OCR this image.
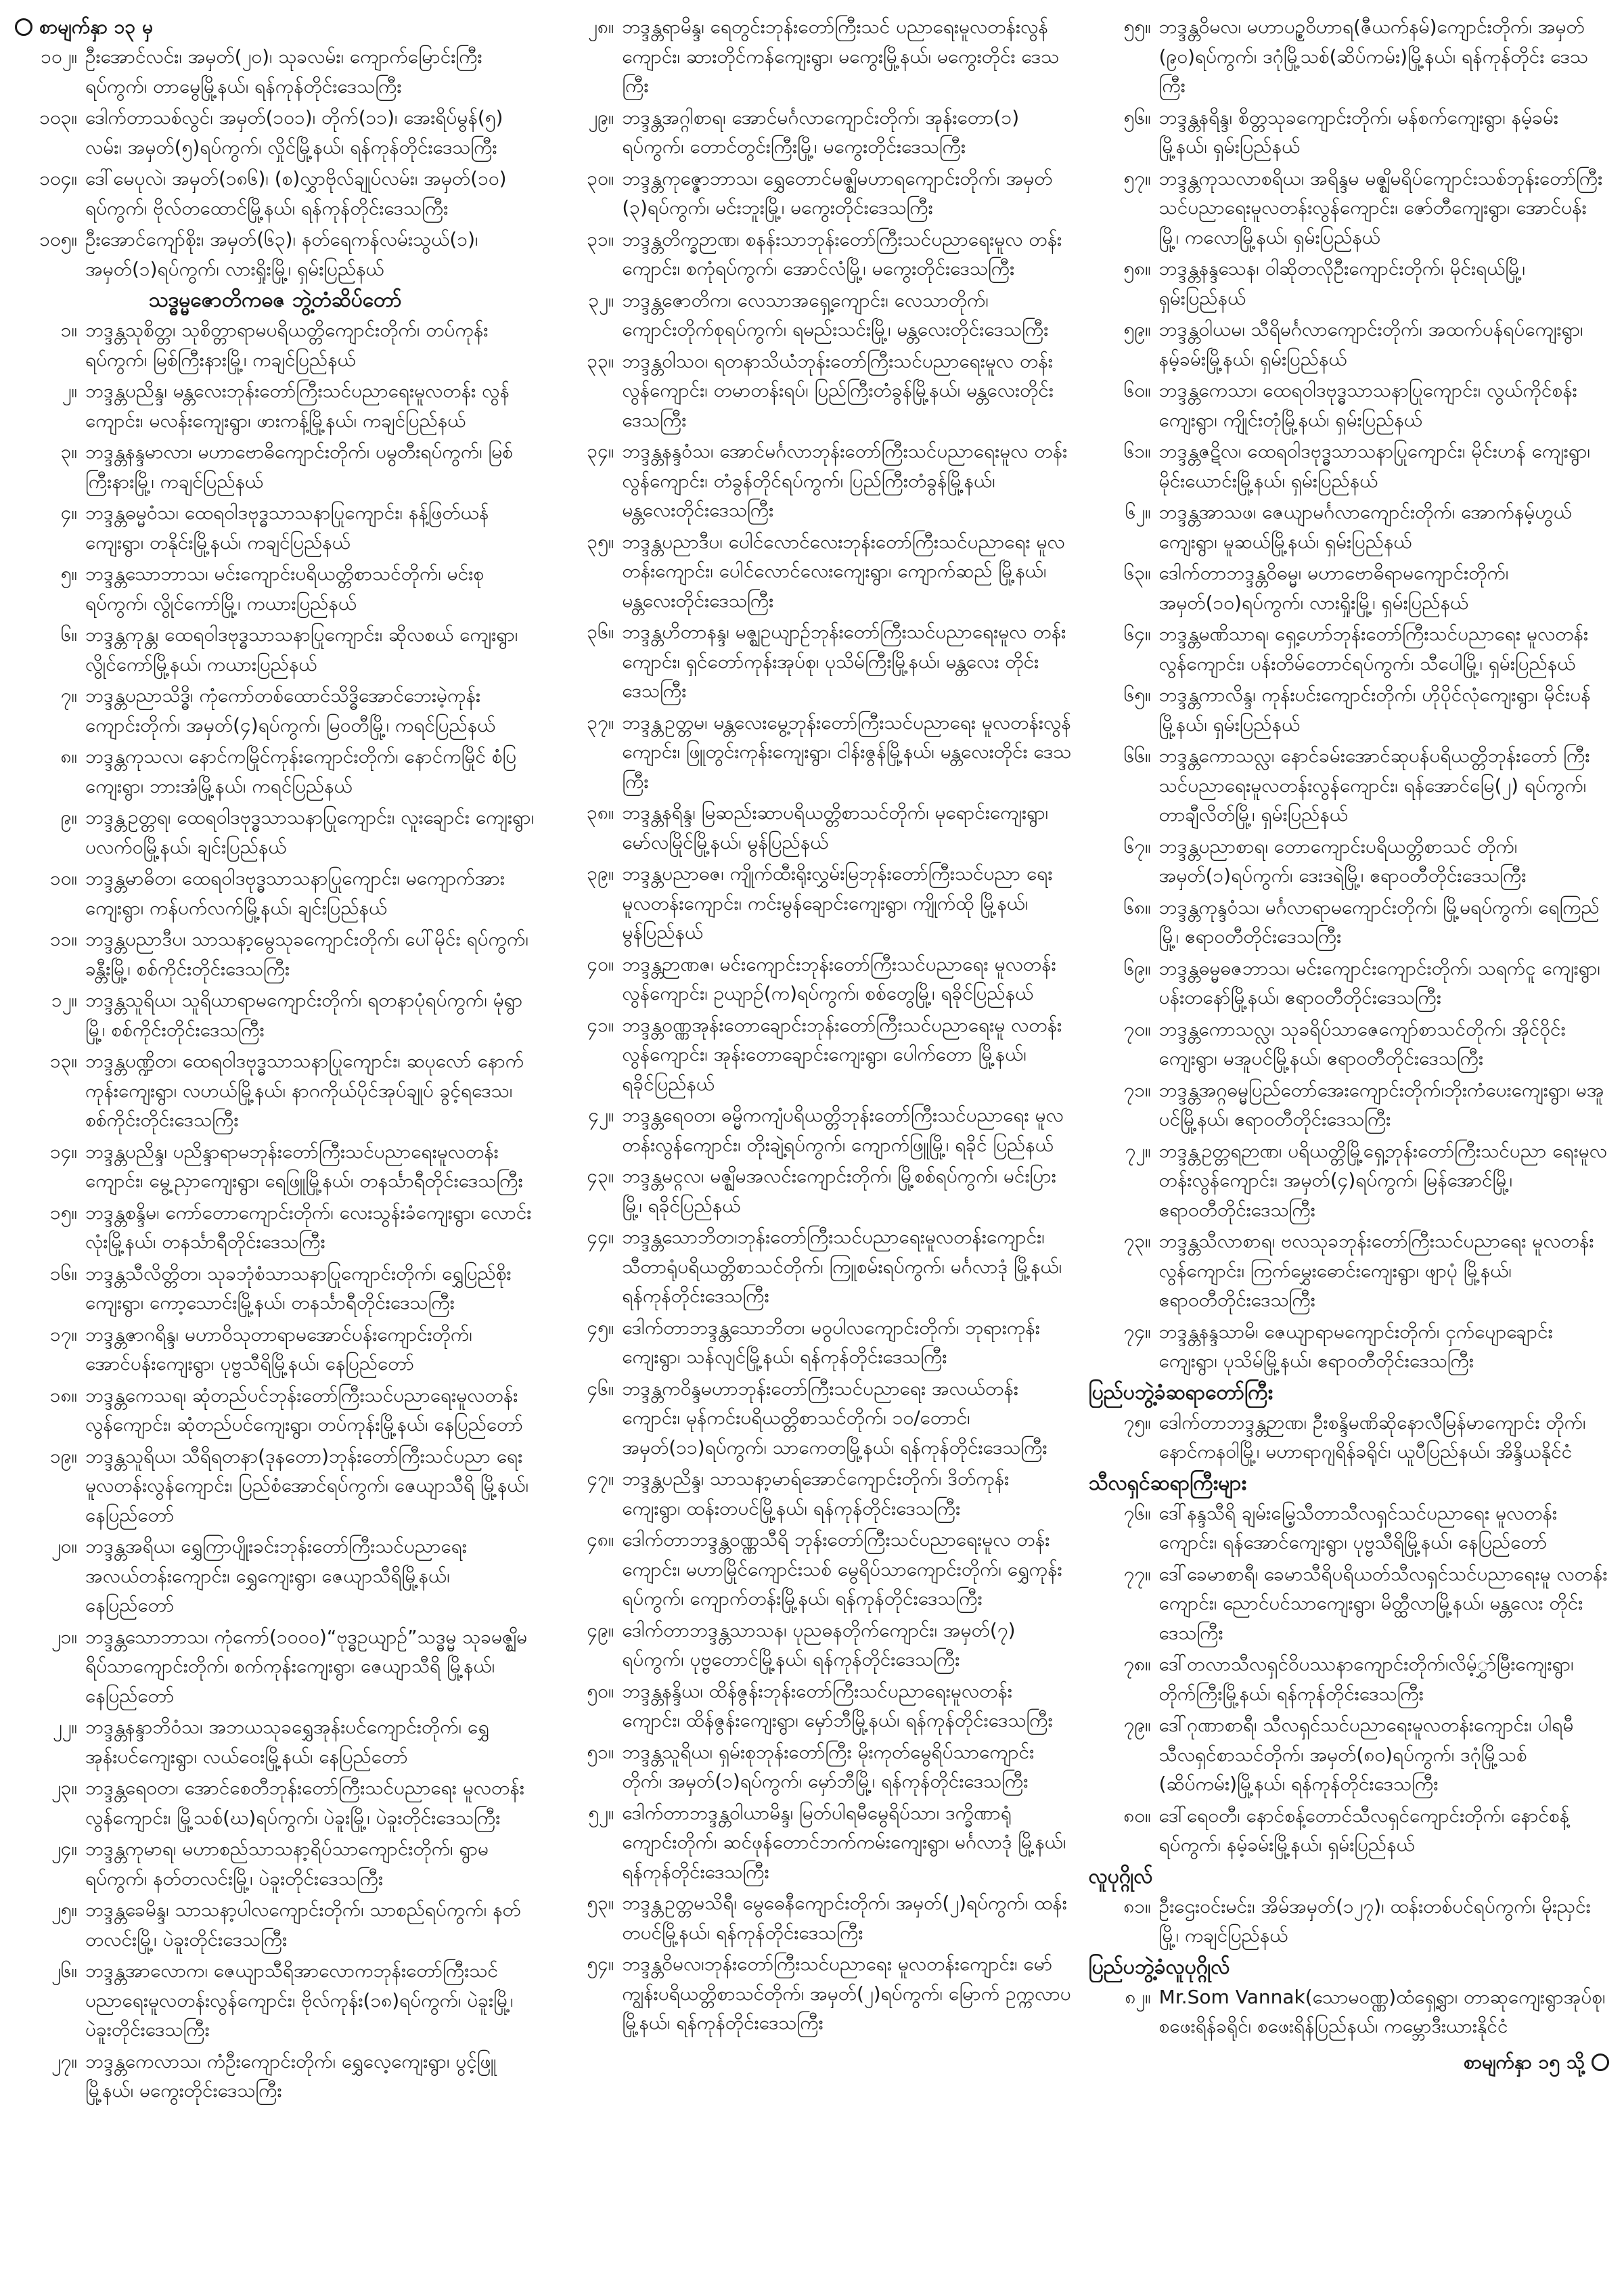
စာမျက်နှာ ၁၃ မှ
၁၀၂။ ဦးအောင်လင်း၊ အမှတ်(၂၀)၊ သုခလမ်း၊ ကျောက်မြောင်းကြီး ရပ်ကွက်၊ တာမွေမြို့နယ်၊ ရန်ကုန်တိုင်းဒေသကြီး
၁၀၃။ ဒေါက်တာသစ်လွင်၊ အမှတ်(၁၀၁)၊ တိုက်(၁၁)၊ အေးရိပ်မွန်(၅) လမ်း၊ အမှတ်(၅)ရပ်ကွက်၊ လှိုင်မြို့နယ်၊ ရန်ကုန်တိုင်းဒေသကြီး
၁၀၄။ ဒေါ်မေပုလဲ၊ အမှတ်(၁၈၆)၊ (စ)လွှာဗိုလ်ချုပ်လမ်း၊ အမှတ်(၁၀) ရပ်ကွက်၊ ဗိုလ်တထောင်မြို့နယ်၊ ရန်ကုန်တိုင်းဒေသကြီး
၁၀၅။ ဦးအောင်ကျော်စိုး၊ အမှတ်(၆၃)၊ နတ်ရေကန်လမ်းသွယ်(၁)၊ အမှတ်(၁)ရပ်ကွက်၊ လားရှိုးမြို့၊ ရှမ်းပြည်နယ်
သဒ္ဓမ္မဇောတိကဓဇ ဘွဲ့တံဆိပ်တော်
၁။ ဘဒ္ဒန္တသုစိတ္တ၊ သုစိတ္တာရာမပရိယတ္တိကျောင်းတိုက်၊ တပ်ကုန်း ရပ်ကွက်၊ မြစ်ကြီးနားမြို့၊ ကချင်ပြည်နယ်
၂။ ဘဒ္ဒန္တပညိန္ဒ၊ မန္တလေးဘုန်းတော်ကြီးသင်ပညာရေးမူလတန်း လွန်ကျောင်း၊ မလန်းကျေးရွာ၊ ဖားကန့်မြို့နယ်၊ ကချင်ပြည်နယ်
၃။ ဘဒ္ဒန္တနန္ဒမာလာ၊ မဟာဗောဓိကျောင်းတိုက်၊ ပမွတီးရပ်ကွက်၊ မြစ်ကြီးနားမြို့၊ ကချင်ပြည်နယ်
၄။ ဘဒ္ဒန္တဓမ္မဝံသ၊ ထေရဝါဒဗုဒ္ဓသာသနာပြုကျောင်း၊ နန့်ဖြတ်ယန် ကျေးရွာ၊ တနိုင်းမြို့နယ်၊ ကချင်ပြည်နယ်
၅။ ဘဒ္ဒန္တသောဘာသ၊ မင်းကျောင်းပရိယတ္တိစာသင်တိုက်၊ မင်းစု ရပ်ကွက်၊ လွိုင်ကော်မြို့၊ ကယားပြည်နယ်
၆။ ဘဒ္ဒန္တကုန္တ၊ ထေရဝါဒဗုဒ္ဓသာသနာပြုကျောင်း၊ ဆိုလစယ် ကျေးရွာ၊ လွိုင်ကော်မြို့နယ်၊ ကယားပြည်နယ်
၇။ ဘဒ္ဒန္တပညာသိဒ္ဓိ၊ ကုံကော်တစ်ထောင်သိဒ္ဓိအောင်ဘေးမဲ့ကုန်း ကျောင်းတိုက်၊ အမှတ်(၄)ရပ်ကွက်၊ မြဝတီမြို့၊ ကရင်ပြည်နယ်
၈။ ဘဒ္ဒန္တကုသလ၊ နောင်ကမြိုင်ကုန်းကျောင်းတိုက်၊ နောင်ကမြိုင် စံပြကျေးရွာ၊ ဘားအံမြို့နယ်၊ ကရင်ပြည်နယ်
၉။ ဘဒ္ဒန္တဥတ္တရ၊ ထေရဝါဒဗုဒ္ဓသာသနာပြုကျောင်း၊ လူးချောင်း ကျေးရွာ၊ ပလက်ဝမြို့နယ်၊ ချင်းပြည်နယ်
၁၀။ ဘဒ္ဒန္တမာဓိတ၊ ထေရဝါဒဗုဒ္ဓသာသနာပြုကျောင်း၊ မကျောက်အား ကျေးရွာ၊ ကန်ပက်လက်မြို့နယ်၊ ချင်းပြည်နယ်
၁၁။ ဘဒ္ဒန္တပညာဒီပ၊ သာသနာ့မွေသုခကျောင်းတိုက်၊ ပေါ်မိုင်း ရပ်ကွက်၊ ခန္တီးမြို့၊ စစ်ကိုင်းတိုင်းဒေသကြီး
၁၂။ ဘဒ္ဒန္တသူရိယ၊ သူရိယာရာမကျောင်းတိုက်၊ ရတနာပုံရပ်ကွက်၊ မုံရွာမြို့၊ စစ်ကိုင်းတိုင်းဒေသကြီး
၁၃။ ဘဒ္ဒန္တပဏ္ဍိတ၊ ထေရဝါဒဗုဒ္ဓသာသနာပြုကျောင်း၊ ဆပုလော် နောက်ကုန်းကျေးရွာ၊ လဟယ်မြို့နယ်၊ နာဂကိုယ်ပိုင်အုပ်ချုပ် ခွင့်ရဒေသ၊ စစ်ကိုင်းတိုင်းဒေသကြီး
၁၄။ ဘဒ္ဒန္တပညိန္ဒ၊ ပညိန္ဒာရာမဘုန်းတော်ကြီးသင်ပညာရေးမူလတန်း ကျောင်း၊ မွေ့ညှာကျေးရွာ၊ ရေဖြူမြို့နယ်၊ တနင်္သာရီတိုင်းဒေသကြီး
၁၅။ ဘဒ္ဒန္တစန္ဒိမ၊ ကော်တောကျောင်းတိုက်၊ လေးသွန်းခံကျေးရွာ၊ လောင်းလုံးမြို့နယ်၊ တနင်္သာရီတိုင်းဒေသကြီး
၁၆။ ဘဒ္ဒန္တသီလိတ္တိတ၊ သုခဘုံစံသာသနာပြုကျောင်းတိုက်၊ ရွှေပြည်စိုး ကျေးရွာ၊ ကော့သောင်းမြို့နယ်၊ တနင်္သာရီတိုင်းဒေသကြီး
၁၇။ ဘဒ္ဒန္တဇာဂရိန္ဒ၊ မဟာဝိသုတာရာမအောင်ပန်းကျောင်းတိုက်၊ အောင်ပန်းကျေးရွာ၊ ပုဗ္ဗသီရိမြို့နယ်၊ နေပြည်တော်
၁၈။ ဘဒ္ဒန္တကေသရ၊ ဆုံတည်ပင်ဘုန်းတော်ကြီးသင်ပညာရေးမူလတန်း လွန်ကျောင်း၊ ဆုံတည်ပင်ကျေးရွာ၊ တပ်ကုန်းမြို့နယ်၊ နေပြည်တော်
၁၉။ ဘဒ္ဒန္တသူရိယ၊ သီရိရတနာ(ဒုနတော)ဘုန်းတော်ကြီးသင်ပညာ ရေးမူလတန်းလွန်ကျောင်း၊ ပြည်စံအောင်ရပ်ကွက်၊ ဇေယျာသီရိ မြို့နယ်၊ နေပြည်တော်
၂၀။ ဘဒ္ဒန္တအရိယ၊ ရွှေကြာပျိုးခင်းဘုန်းတော်ကြီးသင်ပညာရေး အလယ်တန်းကျောင်း၊ ရွှေကျေးရွာ၊ ဇေယျာသီရိမြို့နယ်၊ နေပြည်တော်
၂၁။ ဘဒ္ဒန္တသောဘာသ၊ ကုံကော်(၁၀၀၀)“ဗုဒ္ဓဥယျာဉ်”သဒ္ဓမ္မ သုခမဇ္ဈိမရိပ်သာကျောင်းတိုက်၊ စက်ကုန်းကျေးရွာ၊ ဇေယျာသီရိ မြို့နယ်၊ နေပြည်တော်
၂၂။ ဘဒ္ဒန္တနန္ဒာဘိဝံသ၊ အဘယသုခရွှေအုန်းပင်ကျောင်းတိုက်၊ ရွှေအုန်းပင်ကျေးရွာ၊ လယ်ဝေးမြို့နယ်၊ နေပြည်တော်
၂၃။ ဘဒ္ဒန္တရေဝတ၊ အောင်စေတီဘုန်းတော်ကြီးသင်ပညာရေး မူလတန်း လွန်ကျောင်း၊ မြို့သစ်(ဃ)ရပ်ကွက်၊ ပဲခူးမြို့၊ ပဲခူးတိုင်းဒေသကြီး
၂၄။ ဘဒ္ဒန္တကုမာရ၊ မဟာစည်သာသနာ့ရိပ်သာကျောင်းတိုက်၊ ရွာမ ရပ်ကွက်၊ နတ်တလင်းမြို့၊ ပဲခူးတိုင်းဒေသကြီး
၂၅။ ဘဒ္ဒန္တခေမိန္ဒ၊ သာသနာ့ပါလကျောင်းတိုက်၊ သာစည်ရပ်ကွက်၊ နတ်တလင်းမြို့၊ ပဲခူးတိုင်းဒေသကြီး
၂၆။ ဘဒ္ဒန္တအာလောက၊ ဇေယျာသီရိအာလောကဘုန်းတော်ကြီးသင် ပညာရေးမူလတန်းလွန်ကျောင်း၊ ဗိုလ်ကုန်း(၁၈)ရပ်ကွက်၊ ပဲခူးမြို့၊ ပဲခူးတိုင်းဒေသကြီး
၂၇။ ဘဒ္ဒန္တကေလာသ၊ ကံဦးကျောင်းတိုက်၊ ရွှေလေ့ကျေးရွာ၊ ပွင့်ဖြူ မြို့နယ်၊ မကွေးတိုင်းဒေသကြီး
၂၈။ ဘဒ္ဒန္တရာမိန္ဒ၊ ရေတွင်းဘုန်းတော်ကြီးသင် ပညာရေးမူလတန်းလွန် ကျောင်း၊ ဆားတိုင်ကန်ကျေးရွာ၊ မကွေးမြို့နယ်၊ မကွေးတိုင်း ဒေသကြီး
၂၉။ ဘဒ္ဒန္တအဂ္ဂါစာရ၊ အောင်မင်္ဂလာကျောင်းတိုက်၊ အုန်းတော(၁) ရပ်ကွက်၊ တောင်တွင်းကြီးမြို့၊ မကွေးတိုင်းဒေသကြီး
၃၀။ ဘဒ္ဒန္တကုဇ္ဇောဘာသ၊ ရွှေတောင်မဇ္ဈိမဟာရကျောင်းတိုက်၊ အမှတ် (၃)ရပ်ကွက်၊ မင်းဘူးမြို့၊ မကွေးတိုင်းဒေသကြီး
၃၁။ ဘဒ္ဒန္တတိက္ခဉာဏ၊ စနန်းသာဘုန်းတော်ကြီးသင်ပညာရေးမူလ တန်းကျောင်း၊ စကုံရပ်ကွက်၊ အောင်လံမြို့၊ မကွေးတိုင်းဒေသကြီး
၃၂။ ဘဒ္ဒန္တဇောတိက၊ လေသာအရှေ့ကျောင်း၊ လေသာတိုက်၊ ကျောင်းတိုက်စုရပ်ကွက်၊ ရမည်းသင်းမြို့၊ မန္တလေးတိုင်းဒေသကြီး
၃၃။ ဘဒ္ဒန္တဝါသဝ၊ ရတနာသိယံဘုန်းတော်ကြီးသင်ပညာရေးမူလ တန်းလွန်ကျောင်း၊ တမာတန်းရပ်၊ ပြည်ကြီးတံခွန်မြို့နယ်၊ မန္တလေးတိုင်းဒေသကြီး
၃၄။ ဘဒ္ဒန္တနန္ဒဝံသ၊ အောင်မင်္ဂလာဘုန်းတော်ကြီးသင်ပညာရေးမူလ တန်းလွန်ကျောင်း၊ တံခွန်တိုင်ရပ်ကွက်၊ ပြည်ကြီးတံခွန်မြို့နယ်၊ မန္တလေးတိုင်းဒေသကြီး
၃၅။ ဘဒ္ဒန္တပညာဒီပ၊ ပေါင်လောင်လေးဘုန်းတော်ကြီးသင်ပညာရေး မူလတန်းကျောင်း၊ ပေါင်လောင်လေးကျေးရွာ၊ ကျောက်ဆည် မြို့နယ်၊ မန္တလေးတိုင်းဒေသကြီး
၃၆။ ဘဒ္ဒန္တဟိတာနန္ဒ၊ မဇ္ဈဥယျာဉ်ဘုန်းတော်ကြီးသင်ပညာရေးမူလ တန်းကျောင်း၊ ရှင်တော်ကုန်းအုပ်စု၊ ပုသိမ်ကြီးမြို့နယ်၊ မန္တလေး တိုင်းဒေသကြီး
၃၇။ ဘဒ္ဒန္တဥတ္တမ၊ မန္တလေးမွေ့ဘုန်းတော်ကြီးသင်ပညာရေး မူလတန်းလွန် ကျောင်း၊ ဖြူတွင်းကုန်းကျေးရွာ၊ ငါန်းဇွန်မြို့နယ်၊ မန္တလေးတိုင်း ဒေသကြီး
၃၈။ ဘဒ္ဒန္တနရိန္ဒ၊ မြဆည်းဆာပရိယတ္တိစာသင်တိုက်၊ မုရောင်းကျေးရွာ၊ မော်လမြိုင်မြို့နယ်၊ မွန်ပြည်နယ်
၃၉။ ဘဒ္ဒန္တပညာဓဇ၊ ကျိုက်ထီးရိုးလွှမ်းမြဘုန်းတော်ကြီးသင်ပညာ ရေးမူလတန်းကျောင်း၊ ကင်းမွန်ချောင်းကျေးရွာ၊ ကျိုက်ထို မြို့နယ်၊ မွန်ပြည်နယ်
၄၀။ ဘဒ္ဒန္တဉာဏဇ၊ မင်းကျောင်းဘုန်းတော်ကြီးသင်ပညာရေး မူလတန်းလွန်ကျောင်း၊ ဥယျာဉ်(က)ရပ်ကွက်၊ စစ်တွေမြို့၊ ရခိုင်ပြည်နယ်
၄၁။ ဘဒ္ဒန္တဝဏ္ဏအုန်းတောချောင်းဘုန်းတော်ကြီးသင်ပညာရေးမူ လတန်းလွန်ကျောင်း၊ အုန်းတောချောင်းကျေးရွာ၊ ပေါက်တော မြို့နယ်၊ ရခိုင်ပြည်နယ်
၄၂။ ဘဒ္ဒန္တရေဝတ၊ ဓမ္မိကကျံပရိယတ္တိဘုန်းတော်ကြီးသင်ပညာရေး မူလတန်းလွန်ကျောင်း၊ တိုးချဲ့ရပ်ကွက်၊ ကျောက်ဖြူမြို့၊ ရခိုင် ပြည်နယ်
၄၃။ ဘဒ္ဒန္တမင္ဂလ၊ မဇ္ဈိမအလင်းကျောင်းတိုက်၊ မြို့စစ်ရပ်ကွက်၊ မင်းပြားမြို့၊ ရခိုင်ပြည်နယ်
၄၄။ ဘဒ္ဒန္တသောဘိတ၊ဘုန်းတော်ကြီးသင်ပညာရေးမူလတန်းကျောင်း၊ သီတာရုံပရိယတ္တိစာသင်တိုက်၊ ကြူစမ်းရပ်ကွက်၊ မင်္ဂလာဒုံ မြို့နယ်၊ ရန်ကုန်တိုင်းဒေသကြီး
၄၅။ ဒေါက်တာဘဒ္ဒန္တသောဘိတ၊ မဝွပါလကျောင်းတိုက်၊ ဘုရားကုန်း ကျေးရွာ၊ သန်လျင်မြို့နယ်၊ ရန်ကုန်တိုင်းဒေသကြီး
၄၆။ ဘဒ္ဒန္တကဝိန္ဒမဟာဘုန်းတော်ကြီးသင်ပညာရေး အလယ်တန်းကျောင်း၊ မုန်ကင်းပရိယတ္တိစာသင်တိုက်၊ ၁၀/တောင်၊ အမှတ်(၁၁)ရပ်ကွက်၊ သာကေတမြို့နယ်၊ ရန်ကုန်တိုင်းဒေသကြီး
၄၇။ ဘဒ္ဒန္တပညိန္ဒ၊ သာသနာ့မာရ်အောင်ကျောင်းတိုက်၊ ဒိတ်ကုန်း ကျေးရွာ၊ ထန်းတပင်မြို့နယ်၊ ရန်ကုန်တိုင်းဒေသကြီး
၄၈။ ဒေါက်တာဘဒ္ဒန္တဝဏ္ဏသီရိ ဘုန်းတော်ကြီးသင်ပညာရေးမူလ တန်းကျောင်း၊ မဟာမြိုင်ကျောင်းသစ် မွေရိပ်သာကျောင်းတိုက်၊ ရွှေကုန်းရပ်ကွက်၊ ကျောက်တန်းမြို့နယ်၊ ရန်ကုန်တိုင်းဒေသကြီး
၄၉။ ဒေါက်တာဘဒ္ဒန္တသာသန၊ ပုညဓနတိုက်ကျောင်း၊ အမှတ်(၇) ရပ်ကွက်၊ ပုဗ္ဗတောင်မြို့နယ်၊ ရန်ကုန်တိုင်းဒေသကြီး
၅၀။ ဘဒ္ဒန္တနန္ဒိယ၊ ထိန်ဇွန်းဘုန်းတော်ကြီးသင်ပညာရေးမူလတန်း ကျောင်း၊ ထိန်ဇွန်းကျေးရွာ၊ မှော်ဘီမြို့နယ်၊ ရန်ကုန်တိုင်းဒေသကြီး
၅၁။ ဘဒ္ဒန္တသူရိယ၊ ရှမ်းစုဘုန်းတော်ကြီး မိုးကုတ်မွေရိပ်သာကျောင်း တိုက်၊ အမှတ်(၁)ရပ်ကွက်၊ မှော်ဘီမြို့၊ ရန်ကုန်တိုင်းဒေသကြီး
၅၂။ ဒေါက်တာဘဒ္ဒန္တဝါယာမိန္ဒ၊ မြတ်ပါရမီမွေရိပ်သာ၊ ဒက္ခိဏာရုံ ကျောင်းတိုက်၊ ဆင်ဖုန်တောင်ဘက်ကမ်းကျေးရွာ၊ မင်္ဂလာဒုံ မြို့နယ်၊ ရန်ကုန်တိုင်းဒေသကြီး
၅၃။ ဘဒ္ဒန္တဥတ္တမသိရီ၊ မွေဓေနီကျောင်းတိုက်၊ အမှတ်(၂)ရပ်ကွက်၊ ထန်းတပင်မြို့နယ်၊ ရန်ကုန်တိုင်းဒေသကြီး
၅၄။ ဘဒ္ဒန္တဝိမလ၊ဘုန်းတော်ကြီးသင်ပညာရေး မူလတန်းကျောင်း၊ မော်ကျွန်းပရိယတ္တိစာသင်တိုက်၊ အမှတ်(၂)ရပ်ကွက်၊ မြောက် ဥက္ကလာပမြို့နယ်၊ ရန်ကုန်တိုင်းဒေသကြီး
၅၅။ ဘဒ္ဒန္တဝိမလ၊ မဟာပဉ္စဝိဟာရ(ဇီယက်နမ်)ကျောင်းတိုက်၊ အမှတ် (၉၀)ရပ်ကွက်၊ ဒဂုံမြို့သစ်(ဆိပ်ကမ်း)မြို့နယ်၊ ရန်ကုန်တိုင်း ဒေသကြီး
၅၆။ ဘဒ္ဒန္တနရိန္ဒ၊ စိတ္တသုခကျောင်းတိုက်၊ မန်စက်ကျေးရွာ၊ နမ့်ခမ်း မြို့နယ်၊ ရှမ်းပြည်နယ်
၅၇။ ဘဒ္ဒန္တကုသလာစရိယ၊ အရိန္ဒမ မဇ္ဈိမရိပ်ကျောင်းသစ်ဘုန်းတော်ကြီး သင်ပညာရေးမူလတန်းလွန်ကျောင်း၊ ဇော်တီကျေးရွာ၊ အောင်ပန်း မြို့၊ ကလောမြို့နယ်၊ ရှမ်းပြည်နယ်
၅၈။ ဘဒ္ဒန္တနန္ဒသေန၊ ဝါဆိုတလိုဦးကျောင်းတိုက်၊ မိုင်းရယ်မြို့၊ ရှမ်းပြည်နယ်
၅၉။ ဘဒ္ဒန္တဝါယမ၊ သီရိမင်္ဂလာကျောင်းတိုက်၊ အထက်ပန်ရပ်ကျေးရွာ၊ နမ့်ခမ်းမြို့နယ်၊ ရှမ်းပြည်နယ်
၆၀။ ဘဒ္ဒန္တကေသာ၊ ထေရဝါဒဗုဒ္ဓသာသနာပြုကျောင်း၊ လွယ်ကိုင်စန်း ကျေးရွာ၊ ကျိုင်းတုံမြို့နယ်၊ ရှမ်းပြည်နယ်
၆၁။ ဘဒ္ဒန္တဇဋိလ၊ ထေရဝါဒဗုဒ္ဓသာသနာပြုကျောင်း၊ မိုင်းဟန် ကျေးရွာ၊ မိုင်းယောင်းမြို့နယ်၊ ရှမ်းပြည်နယ်
၆၂။ ဘဒ္ဒန္တအာသဖ၊ ဇေယျာမင်္ဂလာကျောင်းတိုက်၊ အောက်နမ့်ဟွယ် ကျေးရွာ၊ မူဆယ်မြို့နယ်၊ ရှမ်းပြည်နယ်
၆၃။ ဒေါက်တာဘဒ္ဒန္တဝိဓမ္မ၊ မဟာဗောဓိရာမကျောင်းတိုက်၊ အမှတ်(၁၀)ရပ်ကွက်၊ လားရှိုးမြို့၊ ရှမ်းပြည်နယ်
၆၄။ ဘဒ္ဒန္တမဏိသာရ၊ ရှေ့ဟော်ဘုန်းတော်ကြီးသင်ပညာရေး မူလတန်း လွန်ကျောင်း၊ ပန်းတိမ်တောင်ရပ်ကွက်၊ သီပေါမြို့၊ ရှမ်းပြည်နယ်
၆၅။ ဘဒ္ဒန္တကာလိန္ဒ၊ ကုန်းပင်းကျောင်းတိုက်၊ ဟိုပိုင်လုံကျေးရွာ၊ မိုင်းပန်မြို့နယ်၊ ရှမ်းပြည်နယ်
၆၆။ ဘဒ္ဒန္တကောသလ္လ၊ နောင်ခမ်းအောင်ဆုပန်ပရိယတ္တိဘုန်းတော် ကြီးသင်ပညာရေးမူလတန်းလွန်ကျောင်း၊ ရန်အောင်မြေ(၂) ရပ်ကွက်၊ တာချီလိတ်မြို့၊ ရှမ်းပြည်နယ်
၆၇။ ဘဒ္ဒန္တပညာစာရ၊ တောကျောင်းပရိယတ္တိစာသင် တိုက်၊ အမှတ်(၁)ရပ်ကွက်၊ ဒေးဒရဲမြို့၊ ဧရာဝတီတိုင်းဒေသကြီး
၆၈။ ဘဒ္ဒန္တကုန္ဒဝံသ၊ မင်္ဂလာရာမကျောင်းတိုက်၊ မြို့မရပ်ကွက်၊ ရေကြည် မြို့၊ ဧရာဝတီတိုင်းဒေသကြီး
၆၉။ ဘဒ္ဒန္တဓမ္မဓဇဘာသ၊ မင်းကျောင်းကျောင်းတိုက်၊ သရက်ငူ ကျေးရွာ၊ ပန်းတနော်မြို့နယ်၊ ဧရာဝတီတိုင်းဒေသကြီး
၇၀။ ဘဒ္ဒန္တကောသလ္လ၊ သုခရိပ်သာဇေကျော်စာသင်တိုက်၊ အိုင်ဝိုင်း ကျေးရွာ၊ မအူပင်မြို့နယ်၊ ဧရာဝတီတိုင်းဒေသကြီး
၇၁။ ဘဒ္ဒန္တအဂ္ဂဓမ္မပြည်တော်အေးကျောင်းတိုက်၊ဘိုးကံပေးကျေးရွာ၊ မအူပင်မြို့နယ်၊ ဧရာဝတီတိုင်းဒေသကြီး
၇၂။ ဘဒ္ဒန္တဥတ္တရဉာဏ၊ ပရိယတ္တိမြို့ရှေ့ဘုန်းတော်ကြီးသင်ပညာ ရေးမူလတန်းလွန်ကျောင်း၊ အမှတ်(၄)ရပ်ကွက်၊ မြန်အောင်မြို့၊ ဧရာဝတီတိုင်းဒေသကြီး
၇၃။ ဘဒ္ဒန္တသီလာစာရ၊ ဗလသုခဘုန်းတော်ကြီးသင်ပညာရေး မူလတန်းလွန်ကျောင်း၊ ကြက်မွှေးဓောင်းကျေးရွာ၊ ဖျာပုံ မြို့နယ်၊ ဧရာဝတီတိုင်းဒေသကြီး
၇၄။ ဘဒ္ဒန္တနန္ဒသာမိ၊ ဇေယျာရာမကျောင်းတိုက်၊ ငှက်ပျောချောင်း ကျေးရွာ၊ ပုသိမ်မြို့နယ်၊ ဧရာဝတီတိုင်းဒေသကြီး
ပြည်ပဘွဲ့ခံဆရာတော်ကြီး
၇၅။ ဒေါက်တာဘဒ္ဒန္တဉာဏ၊ ဦးစန္ဒိမဏိဆိုနောလီမြန်မာကျောင်း တိုက်၊ နောင်ကနဝါမြို့၊ မဟာရာဂျရိန်ခရိုင်၊ ယူပီပြည်နယ်၊ အိန္ဒိယနိုင်ငံ
သီလရှင်ဆရာကြီးများ
၇၆။ ဒေါ်နန္ဒသီရိ ချမ်းမြေ့သီတာသီလရှင်သင်ပညာရေး မူလတန်းကျောင်း၊ ရန်အောင်ကျေးရွာ၊ ပုဗ္ဗသီရိမြို့နယ်၊ နေပြည်တော်
၇၇။ ဒေါ်ခေမာစာရီ၊ ခေမာသီရိပရိယတ်သီလရှင်သင်ပညာရေးမူ လတန်းကျောင်း၊ ညောင်ပင်သာကျေးရွာ၊ မိတ္ထီလာမြို့နယ်၊ မန္တလေး တိုင်းဒေသကြီး
၇၈။ ဒေါ်ဝာလာသီလရှင်ဝိပဿနာကျောင်းတိုက်၊လိမ့်ွှာ်မြီးကျေးရွာ၊ တိုက်ကြီးမြို့နယ်၊ ရန်ကုန်တိုင်းဒေသကြီး
၇၉။ ဒေါ်ဂုဏာစာရီ၊ သီလရှင်သင်ပညာရေးမူလတန်းကျောင်း၊ ပါရမီ သီလရှင်စာသင်တိုက်၊ အမှတ်(၈၀)ရပ်ကွက်၊ ဒဂုံမြို့သစ် (ဆိပ်ကမ်း)မြို့နယ်၊ ရန်ကုန်တိုင်းဒေသကြီး
၈၀။ ဒေါ်ရေဝတီ၊ နောင်စန့်တောင်သီလရှင်ကျောင်းတိုက်၊ နောင်စန့် ရပ်ကွက်၊ နမ့်ခမ်းမြို့နယ်၊ ရှမ်းပြည်နယ်
လူပုဂ္ဂိုလ်
၈၁။ ဦးဌေးဝင်းမင်း၊ အိမ်အမှတ်(၁၂၇)၊ ထန်းတစ်ပင်ရပ်ကွက်၊ မိုးညှင်း မြို့၊ ကချင်ပြည်နယ်
ပြည်ပဘွဲ့ခံလူပုဂ္ဂိုလ်
၈၂။ Mr.Som Vannak(သောမဝဏ္ဏ)ထံရှေ့ရွာ၊ တာဆုကျေးရွာအုပ်စု၊ စဖေးရိန်ခရိုင်၊ စဖေးရိန်ပြည်နယ်၊ ကမ္ဘောဒီးယားနိုင်ငံ
စာမျက်နှာ ၁၅ သို့
